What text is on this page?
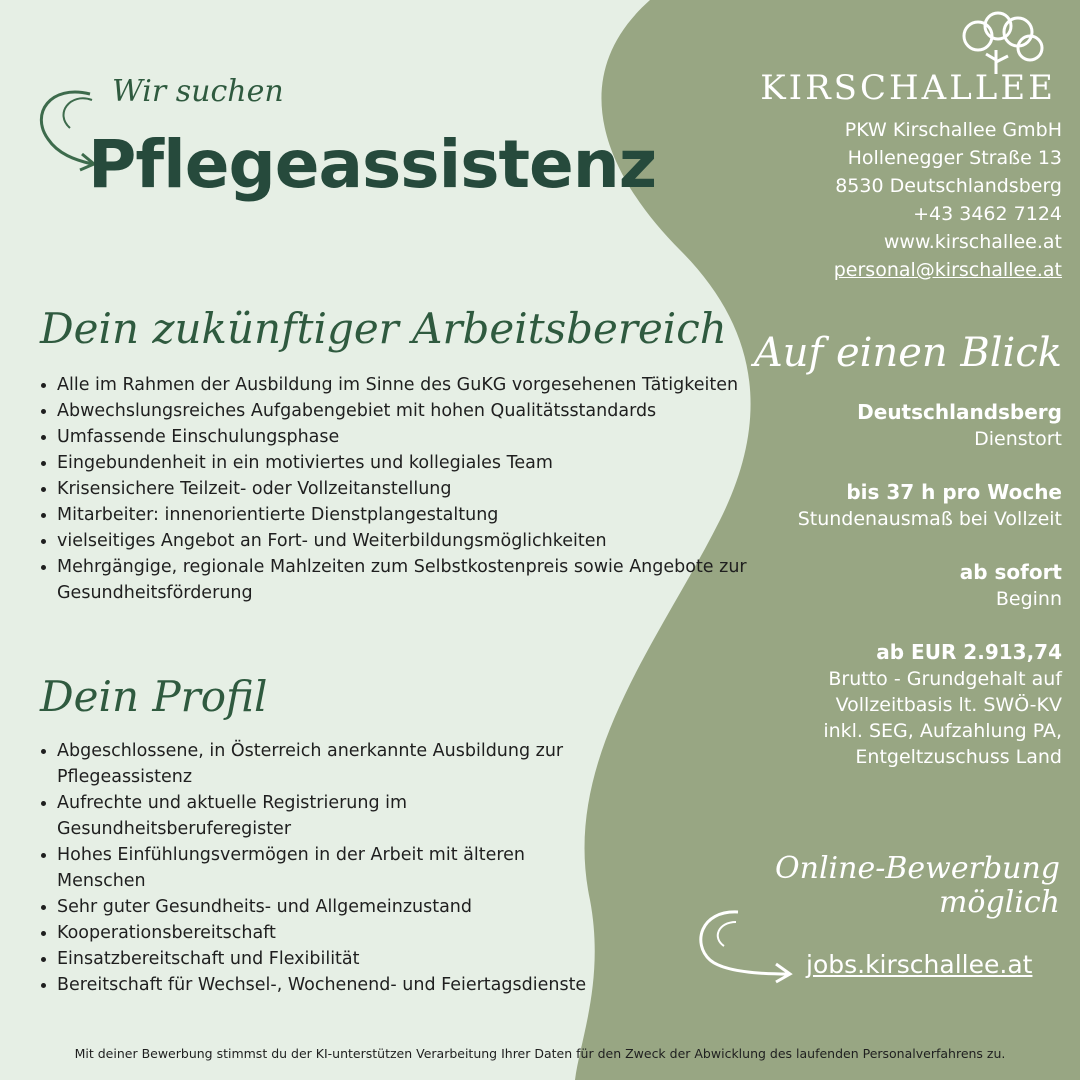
Wir suchen
Pflegeassistenz
Dein zukünftiger Arbeitsbereich
• Alle im Rahmen der Ausbildung im Sinne des GuKG vorgesehenen Tätigkeiten
• Abwechslungsreiches Aufgabengebiet mit hohen Qualitätsstandards
• Umfassende Einschulungsphase
• Eingebundenheit in ein motiviertes und kollegiales Team
• Krisensichere Teilzeit- oder Vollzeitanstellung
• Mitarbeiter: innenorientierte Dienstplangestaltung
• vielseitiges Angebot an Fort- und Weiterbildungsmöglichkeiten
• Mehrgängige, regionale Mahlzeiten zum Selbstkostenpreis sowie Angebote zur Gesundheitsförderung
Dein Profil
• Abgeschlossene, in Österreich anerkannte Ausbildung zur Pflegeassistenz
• Aufrechte und aktuelle Registrierung im Gesundheitsberuferegister
• Hohes Einfühlungsvermögen in der Arbeit mit älteren Menschen
• Sehr guter Gesundheits- und Allgemeinzustand
• Kooperationsbereitschaft
• Einsatzbereitschaft und Flexibilität
• Bereitschaft für Wechsel-, Wochenend- und Feiertagsdienste
KIRSCHALLEE
PKW Kirschallee GmbH
Hollenegger Straße 13
8530 Deutschlandsberg
+43 3462 7124
www.kirschallee.at
personal@kirschallee.at
Auf einen Blick
Deutschlandsberg
Dienstort
bis 37 h pro Woche
Stundenausmaß bei Vollzeit
ab sofort
Beginn
ab EUR 2.913,74
Brutto - Grundgehalt auf Vollzeitbasis lt. SWÖ-KV inkl. SEG, Aufzahlung PA, Entgeltzuschuss Land
Online-Bewerbung
möglich
jobs.kirschallee.at
Mit deiner Bewerbung stimmst du der KI-unterstützen Verarbeitung Ihrer Daten für den Zweck der Abwicklung des laufenden Personalverfahrens zu.
